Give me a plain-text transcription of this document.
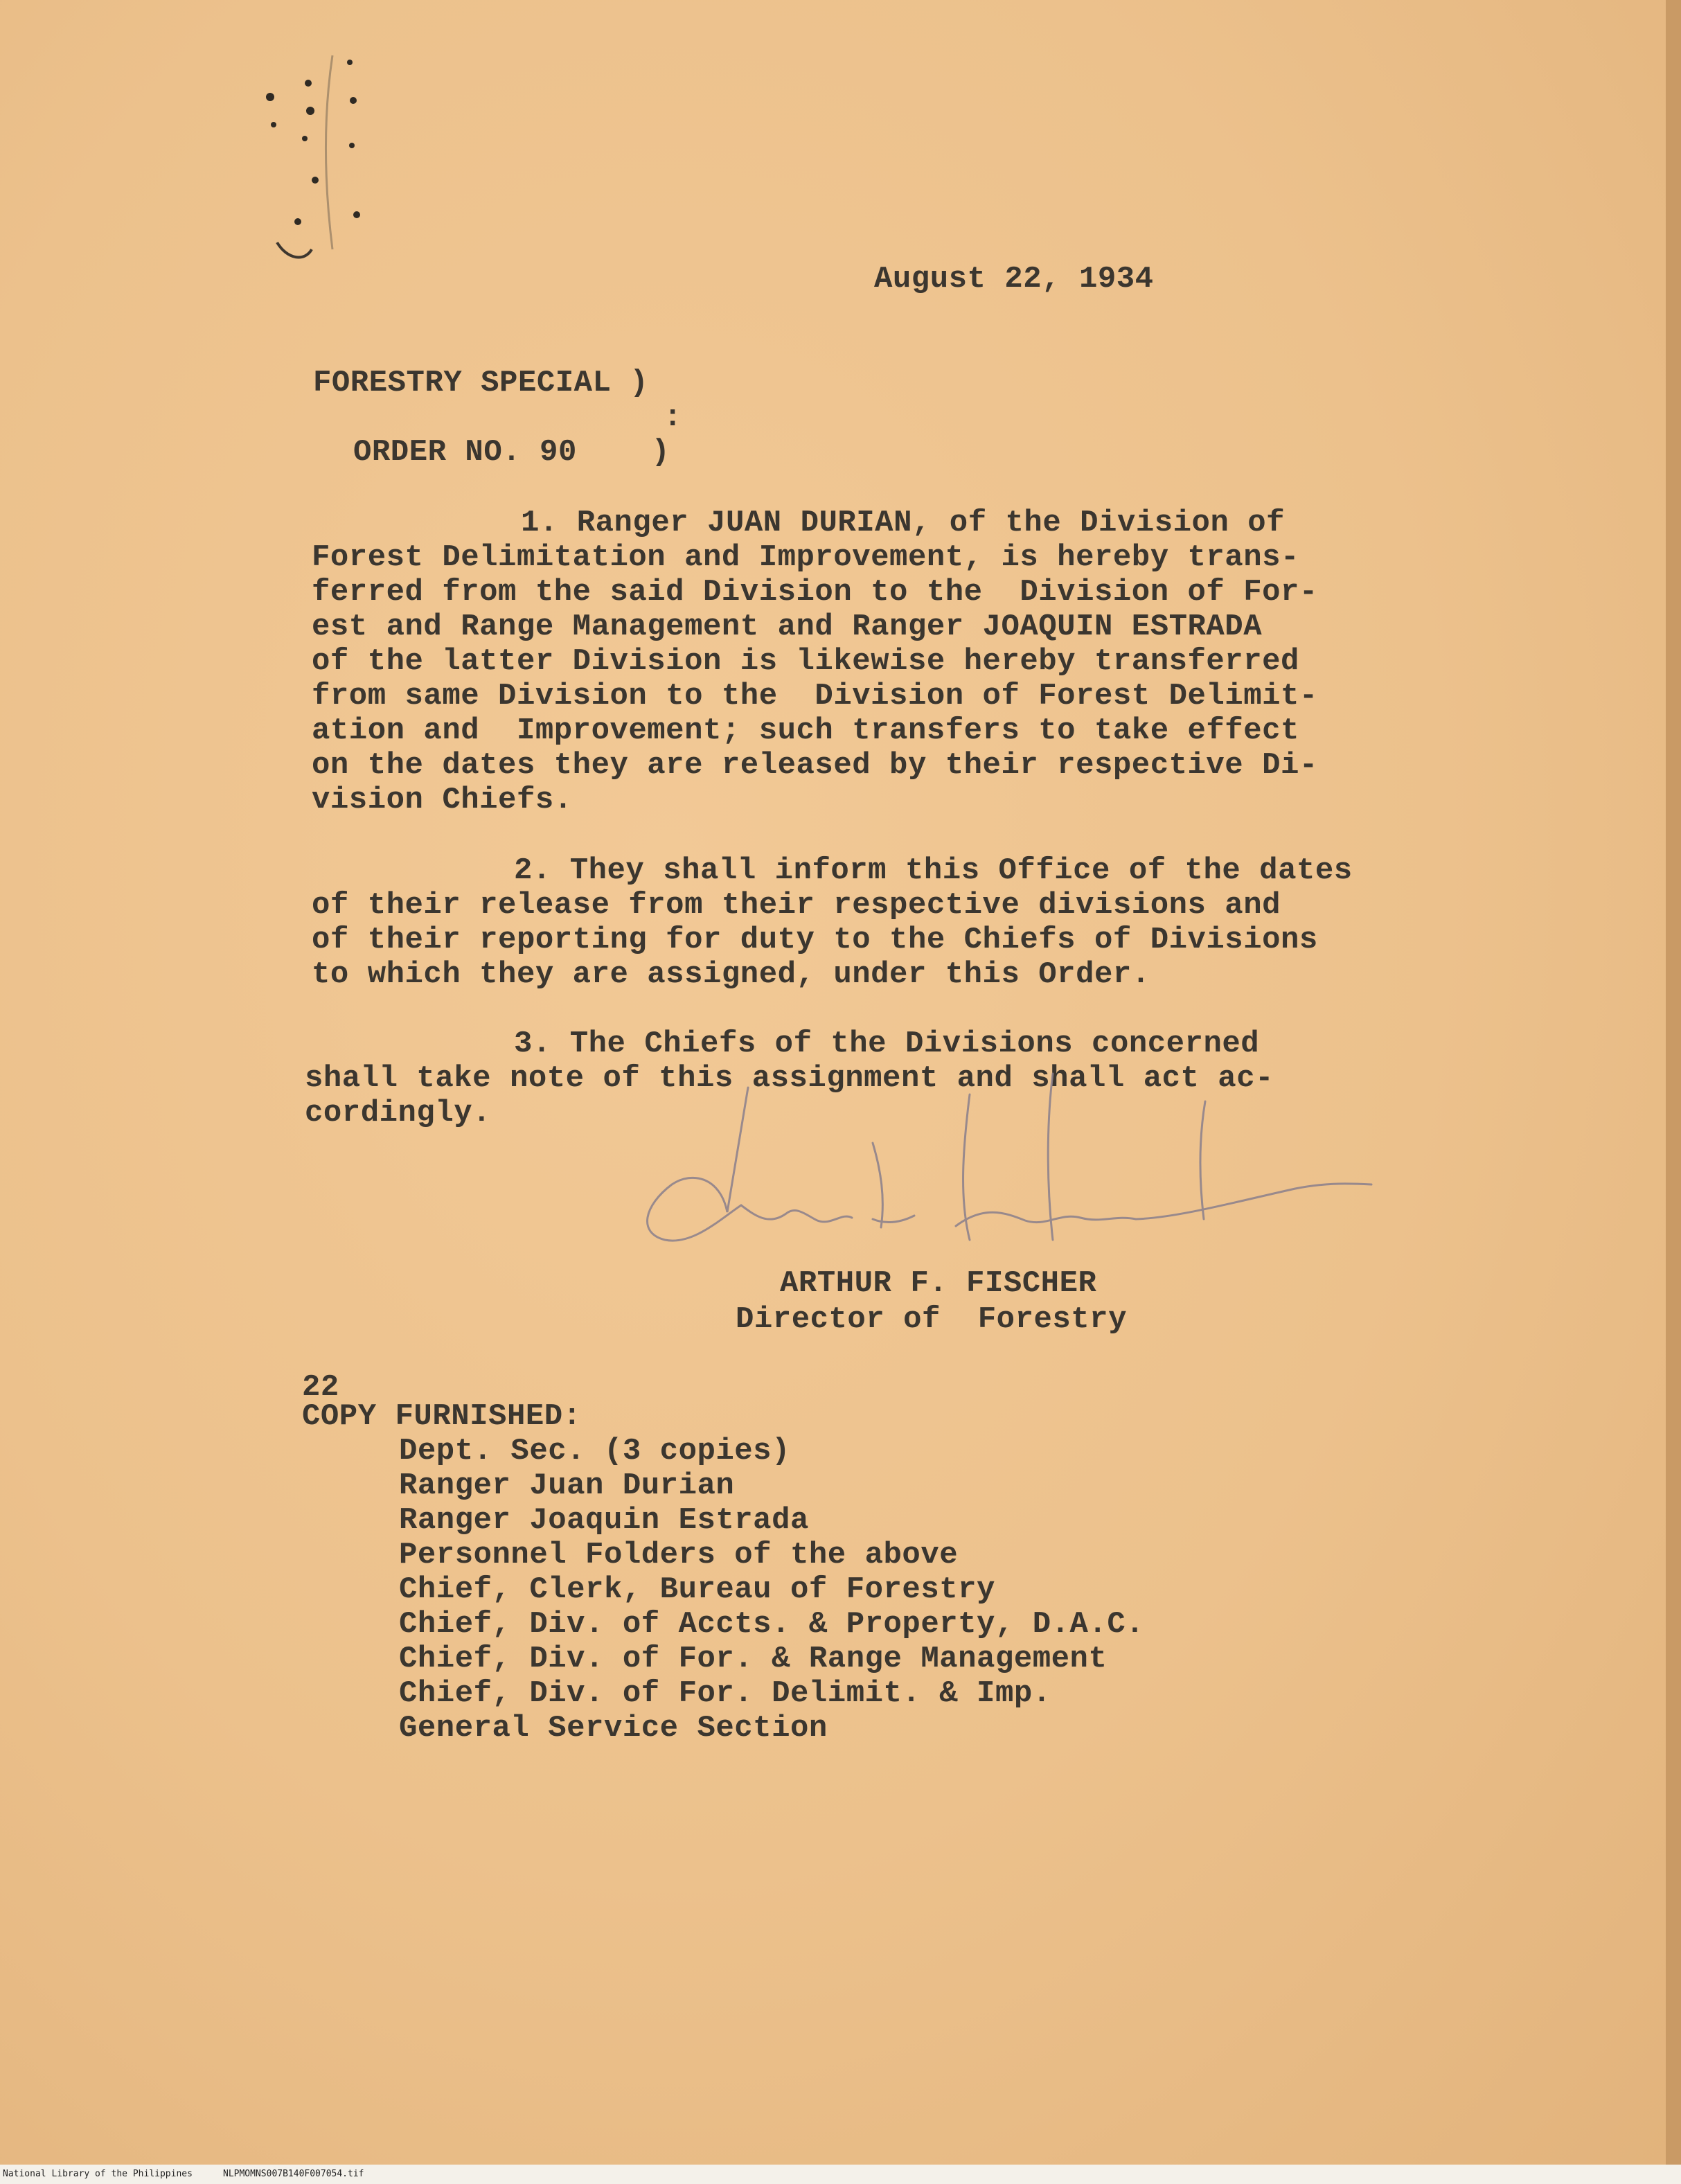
August 22, 1934
FORESTRY SPECIAL )
:
ORDER NO. 90    )
1. Ranger JUAN DURIAN, of the Division of
Forest Delimitation and Improvement, is hereby trans-
ferred from the said Division to the  Division of For-
est and Range Management and Ranger JOAQUIN ESTRADA
of the latter Division is likewise hereby transferred
from same Division to the  Division of Forest Delimit-
ation and  Improvement; such transfers to take effect
on the dates they are released by their respective Di-
vision Chiefs.
2. They shall inform this Office of the dates
of their release from their respective divisions and
of their reporting for duty to the Chiefs of Divisions
to which they are assigned, under this Order.
3. The Chiefs of the Divisions concerned
shall take note of this assignment and shall act ac-
cordingly.
ARTHUR F. FISCHER
Director of  Forestry
22
COPY FURNISHED:
Dept. Sec. (3 copies)
Ranger Juan Durian
Ranger Joaquin Estrada
Personnel Folders of the above
Chief, Clerk, Bureau of Forestry
Chief, Div. of Accts. & Property, D.A.C.
Chief, Div. of For. & Range Management
Chief, Div. of For. Delimit. & Imp.
General Service Section
National Library of the Philippines	NLPMOMNS007B140F007054.tif
